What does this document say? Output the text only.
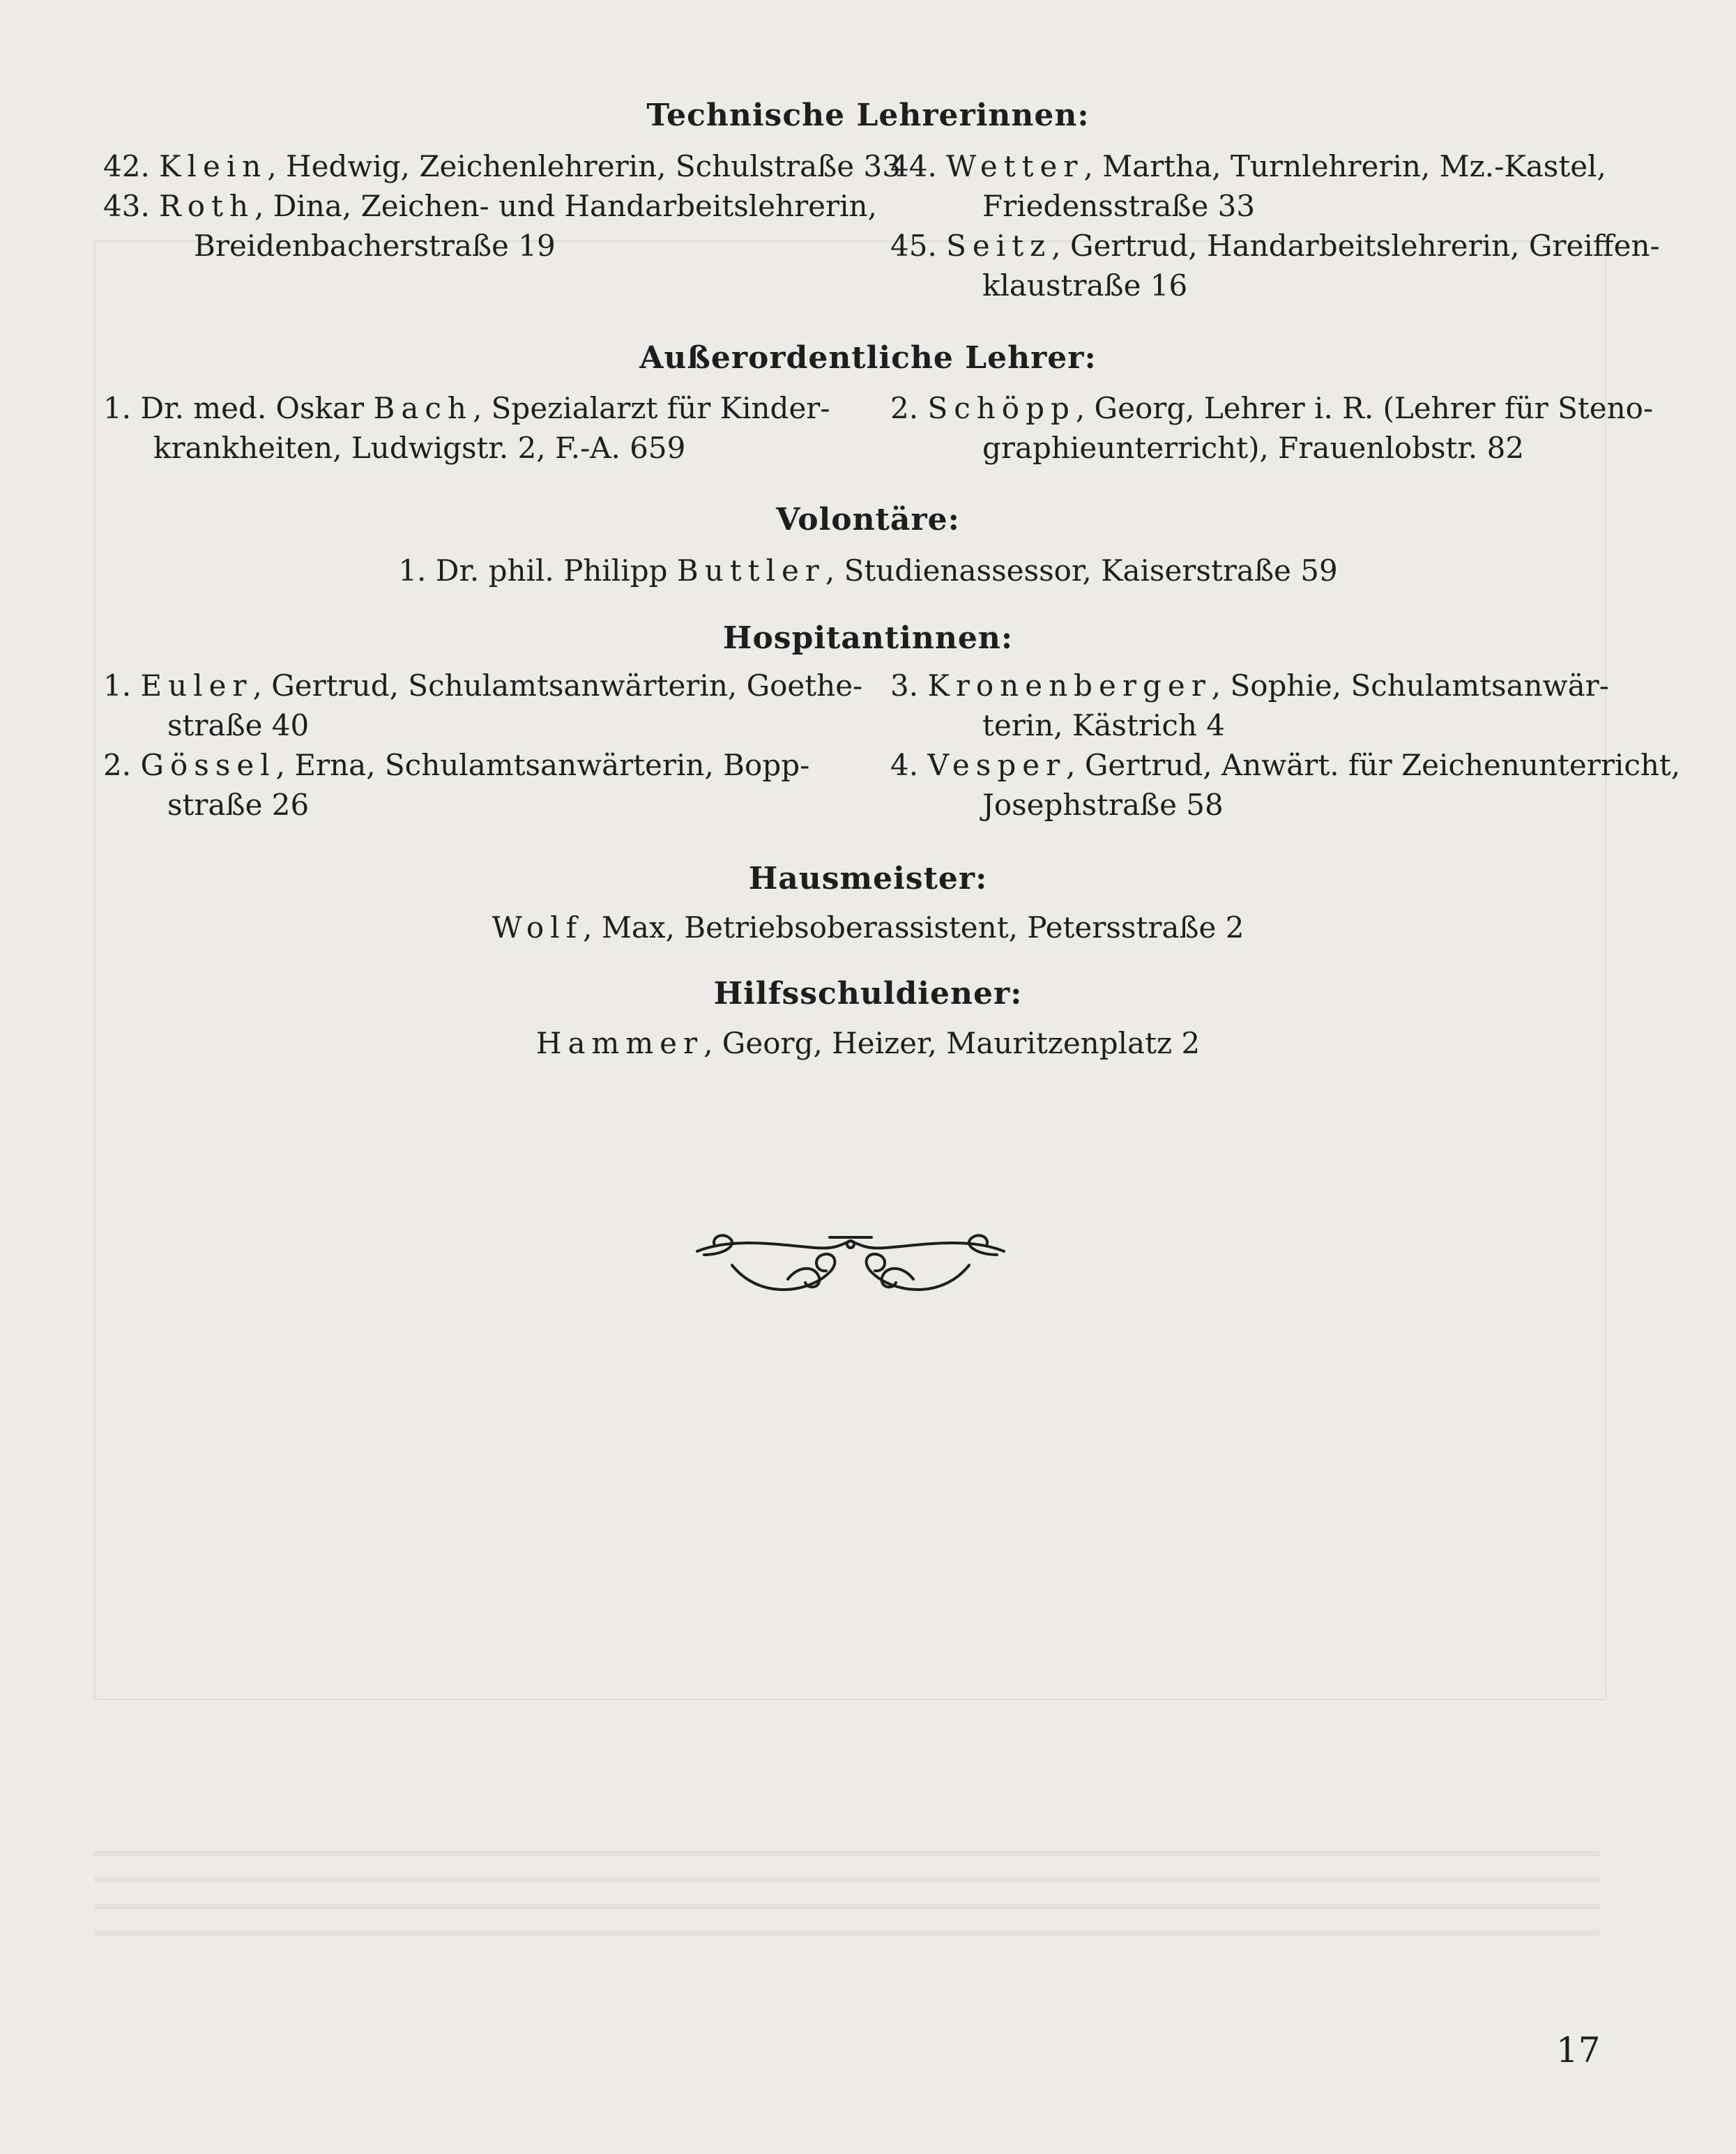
Technische Lehrerinnen:
42. Klein, Hedwig, Zeichenlehrerin, Schulstraße 33
43. Roth, Dina, Zeichen- und Handarbeitslehrerin,
Breidenbacherstraße 19
44. Wetter, Martha, Turnlehrerin, Mz.-Kastel,
Friedensstraße 33
45. Seitz, Gertrud, Handarbeitslehrerin, Greiffen-
klaustraße 16
Außerordentliche Lehrer:
1. Dr. med. Oskar Bach, Spezialarzt für Kinder-
krankheiten, Ludwigstr. 2, F.-A. 659
2. Schöpp, Georg, Lehrer i. R. (Lehrer für Steno-
graphieunterricht), Frauenlobstr. 82
Volontäre:
1. Dr. phil. Philipp Buttler, Studienassessor, Kaiserstraße 59
Hospitantinnen:
1. Euler, Gertrud, Schulamtsanwärterin, Goethe-
straße 40
2. Gössel, Erna, Schulamtsanwärterin, Bopp-
straße 26
3. Kronenberger, Sophie, Schulamtsanwär-
terin, Kästrich 4
4. Vesper, Gertrud, Anwärt. für Zeichenunterricht,
Josephstraße 58
Hausmeister:
Wolf, Max, Betriebsoberassistent, Petersstraße 2
Hilfsschuldiener:
Hammer, Georg, Heizer, Mauritzenplatz 2
17
